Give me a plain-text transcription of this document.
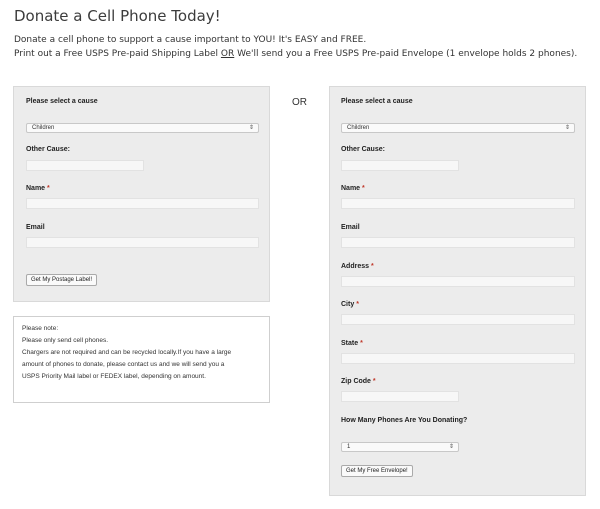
Donate a Cell Phone Today!
Donate a cell phone to support a cause important to YOU! It's EASY and FREE.
Print out a Free USPS Pre-paid Shipping Label OR We'll send you a Free USPS Pre-paid Envelope (1 envelope holds 2 phones).
OR
Please select a cause
Children	⇕
Other Cause:
Name *
Email
Get My Postage Label!
Please select a cause
Children	⇕
Other Cause:
Name *
Email
Address *
City *
State *
Zip Code *
How Many Phones Are You Donating?
1	⇕
Get My Free Envelope!
Please note:
Please only send cell phones.
Chargers are not required and can be recycled locally.If you have a large
amount of phones to donate, please contact us and we will send you a
USPS Priority Mail label or FEDEX label, depending on amount.
